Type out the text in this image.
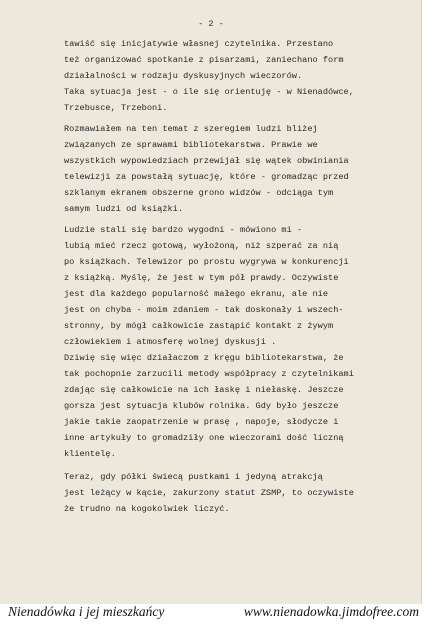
- 2 -
tawiść się inicjatywie własnej czytelnika. Przestano
też organizować spotkanie z pisarzami, zaniechano form
działalności w rodzaju dyskusyjnych wieczorów.
Taka sytuacja jest - o ile się orientuję - w Nienadówce,
Trzebusce, Trzeboni.
Rozmawiałem na ten temat z szeregiem ludzi bliżej
związanych ze sprawami bibliotekarstwa. Prawie we
wszystkich wypowiedziach przewijał się wątek obwiniania
telewizji za powstałą sytuację, które - gromadząc przed
szklanym ekranem obszerne grono widzów - odciąga tym
samym ludzi od książki.
Ludzie stali się bardzo wygodni - mówiono mi -
lubią mieć rzecz gotową, wyłożoną, niż szperać za nią
po książkach. Telewizor po prostu wygrywa w konkurencji
z książką. Myślę, że jest w tym pół prawdy. Oczywiste
jest dla każdego popularność małego ekranu, ale nie
jest on chyba - moim zdaniem - tak doskonały i wszech-
stronny, by mógł całkowicie zastąpić kontakt z żywym
człowiekiem i atmosferę wolnej dyskusji .
Dziwię się więc działaczom z kręgu bibliotekarstwa, że
tak pochopnie zarzucili metody współpracy z czytelnikami
zdając się całkowicie na ich łaskę i niełaskę. Jeszcze
gorsza jest sytuacja klubów rolnika. Gdy było jeszcze
jakie takie zaopatrzenie w prasę , napoje, słodycze i
inne artykuły to gromadziły one wieczorami dość liczną
klientelę.
Teraz, gdy półki świecą pustkami i jedyną atrakcją
jest leżący w kącie, zakurzony statut ZSMP, to oczywiste
że trudno na kogokolwiek liczyć.
Nienadówka i jej mieszkańcy	www.nienadowka.jimdofree.com
